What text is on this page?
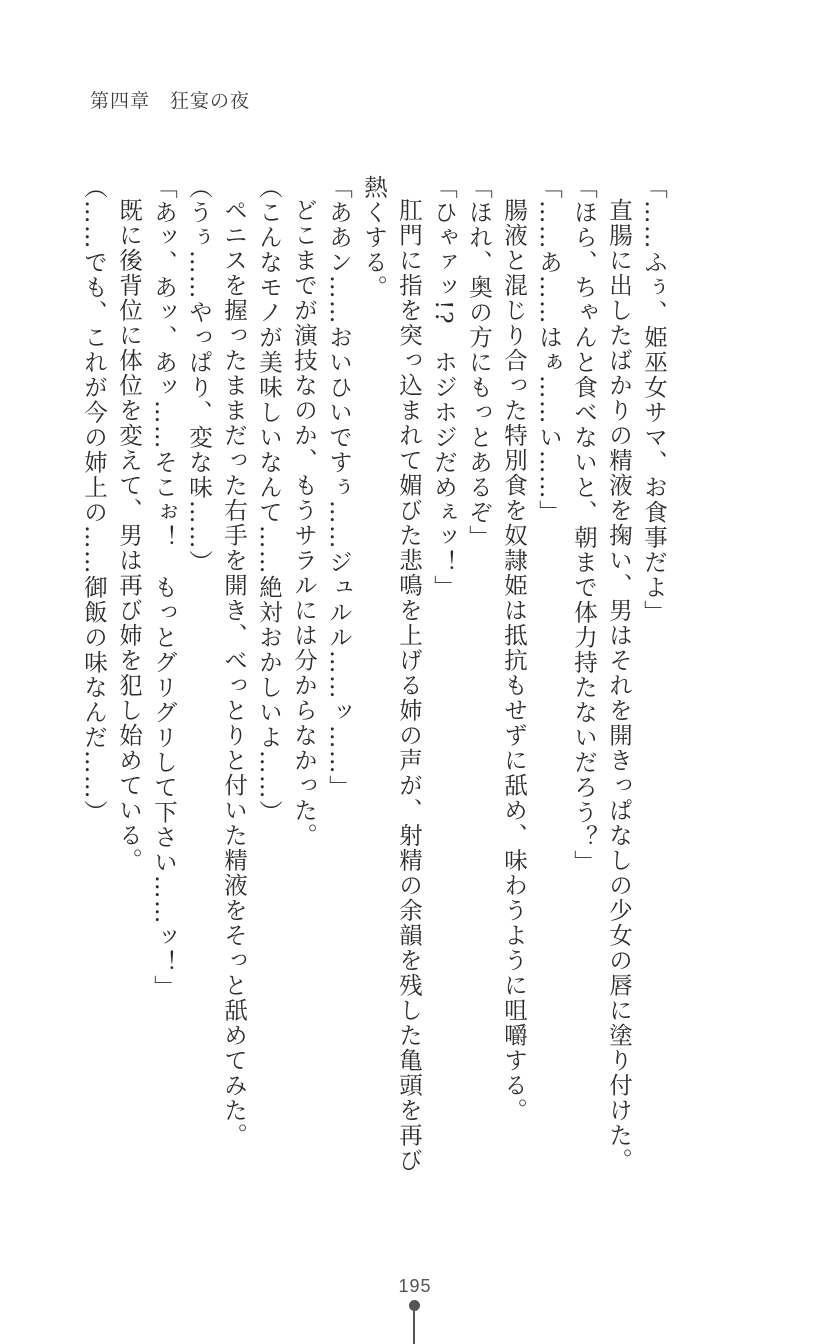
第四章　狂宴の夜

「……ふぅ、姫巫女サマ、お食事だよ」

直腸に出したばかりの精液を掬い、男はそれを開きっぱなしの少女の唇に塗り付けた。

「ほら、ちゃんと食べないと、朝まで体力持たないだろう？」

「……あ……はぁ……い……」

腸液と混じり合った特別食を奴隷姫は抵抗もせずに舐め、味わうように咀嚼する。

「ほれ、奥の方にもっとあるぞ」

「ひゃァッ!?　ホジホジだめぇッ！」

肛門に指を突っ込まれて媚びた悲鳴を上げる姉の声が、射精の余韻を残した亀頭を再び

熱くする。

「ああン……おいひいですぅ……ジュルル……ッ……」

どこまでが演技なのか、もうサラルには分からなかった。

（こんなモノが美味しいなんて……絶対おかしいよ……）

ペニスを握ったままだった右手を開き、べっとりと付いた精液をそっと舐めてみた。

（うぅ……やっぱり、変な味……）

「あッ、あッ、あッ……そこぉ！　もっとグリグリして下さい……ッ！」

既に後背位に体位を変えて、男は再び姉を犯し始めている。

（……でも、これが今の姉上の……御飯の味なんだ……）

195
